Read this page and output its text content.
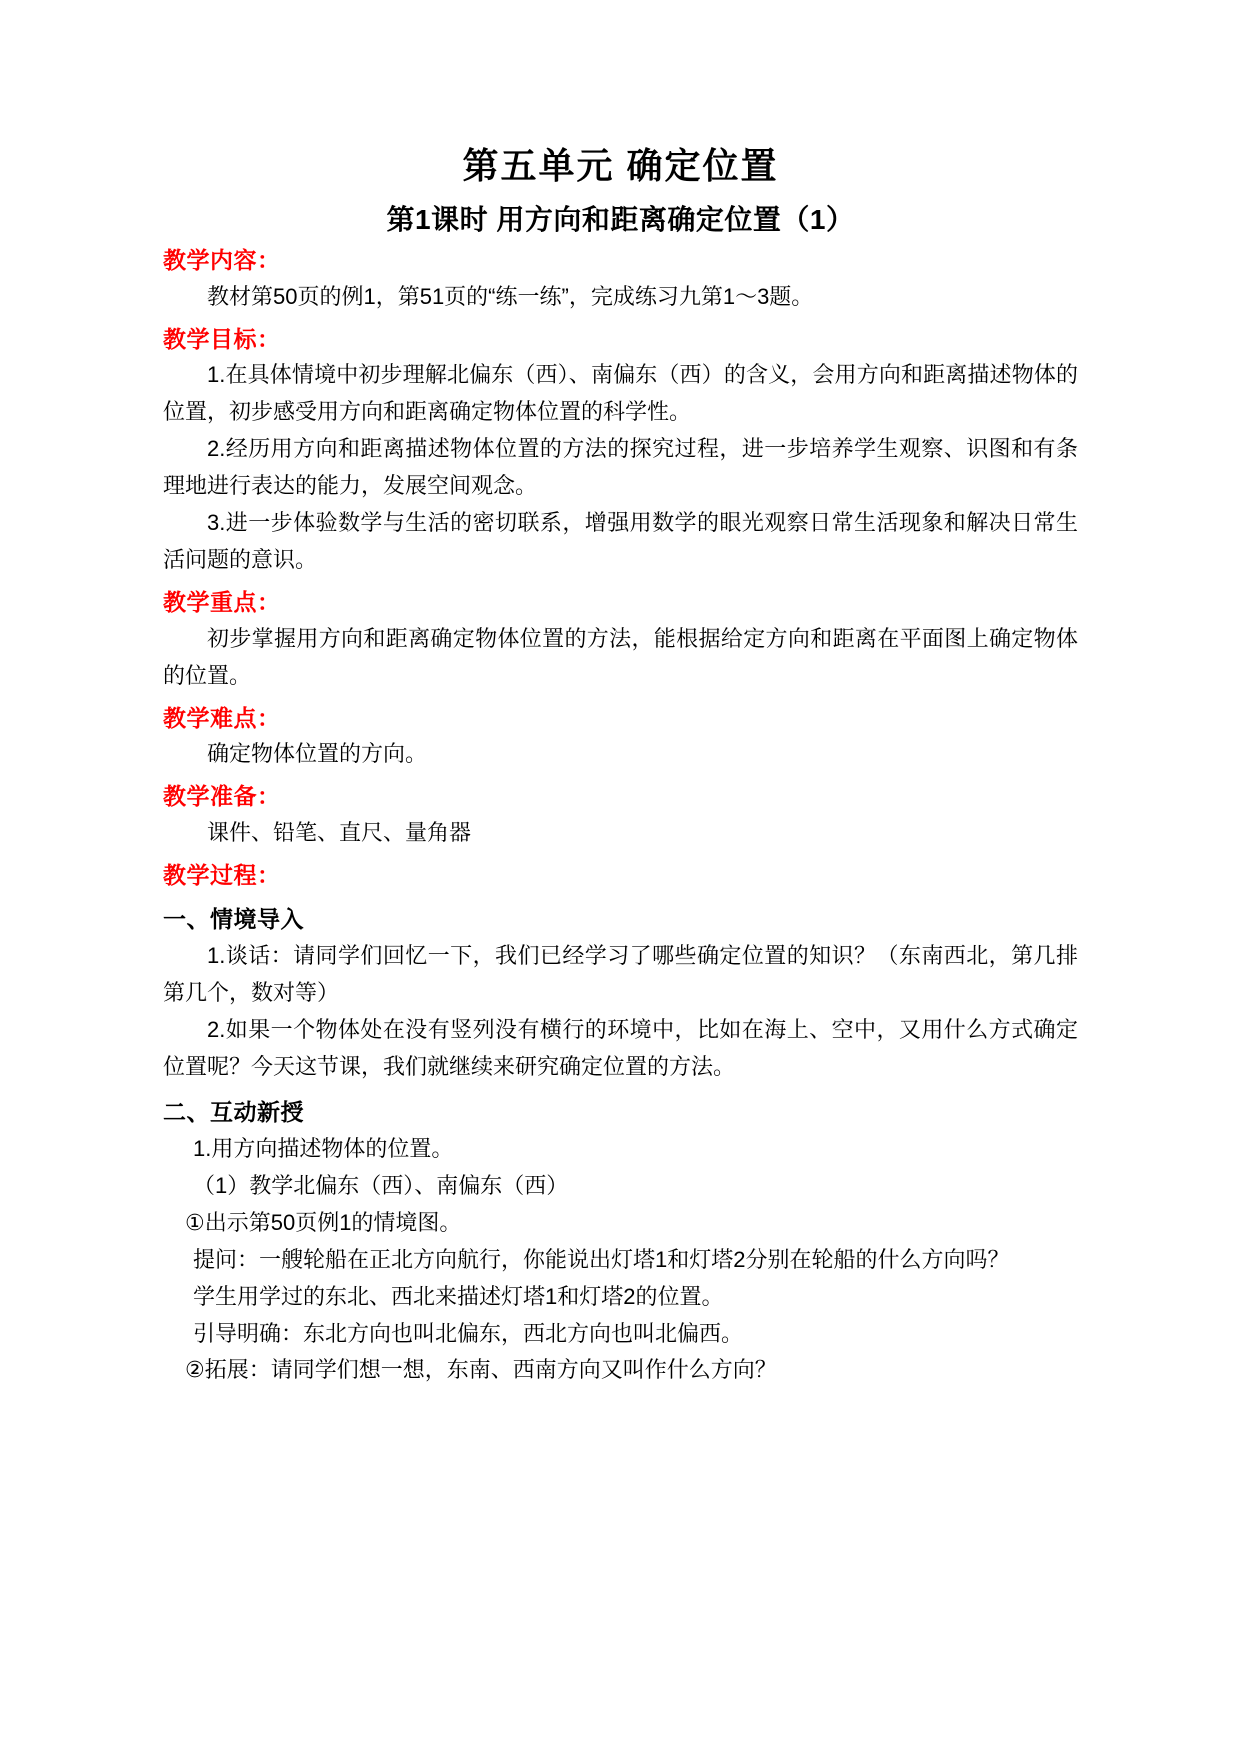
第五单元 确定位置
第1课时 用方向和距离确定位置（1）
教学内容：

教材第50页的例1，第51页的“练一练”，完成练习九第1～3题。

教学目标：

1.在具体情境中初步理解北偏东（西）、南偏东（西）的含义，会用方向和距离描述物体的位置，初步感受用方向和距离确定物体位置的科学性。

2.经历用方向和距离描述物体位置的方法的探究过程，进一步培养学生观察、识图和有条理地进行表达的能力，发展空间观念。

3.进一步体验数学与生活的密切联系，增强用数学的眼光观察日常生活现象和解决日常生活问题的意识。

教学重点：

初步掌握用方向和距离确定物体位置的方法，能根据给定方向和距离在平面图上确定物体的位置。

教学难点：

确定物体位置的方向。

教学准备：

课件、铅笔、直尺、量角器

教学过程：
一、情境导入

1.谈话：请同学们回忆一下，我们已经学习了哪些确定位置的知识？（东南西北，第几排第几个，数对等）

2.如果一个物体处在没有竖列没有横行的环境中，比如在海上、空中，又用什么方式确定位置呢？今天这节课，我们就继续来研究确定位置的方法。

二、互动新授

1.用方向描述物体的位置。

（1）教学北偏东（西）、南偏东（西）

①出示第50页例1的情境图。

提问：一艘轮船在正北方向航行，你能说出灯塔1和灯塔2分别在轮船的什么方向吗？

学生用学过的东北、西北来描述灯塔1和灯塔2的位置。

引导明确：东北方向也叫北偏东，西北方向也叫北偏西。

②拓展：请同学们想一想，东南、西南方向又叫作什么方向？
